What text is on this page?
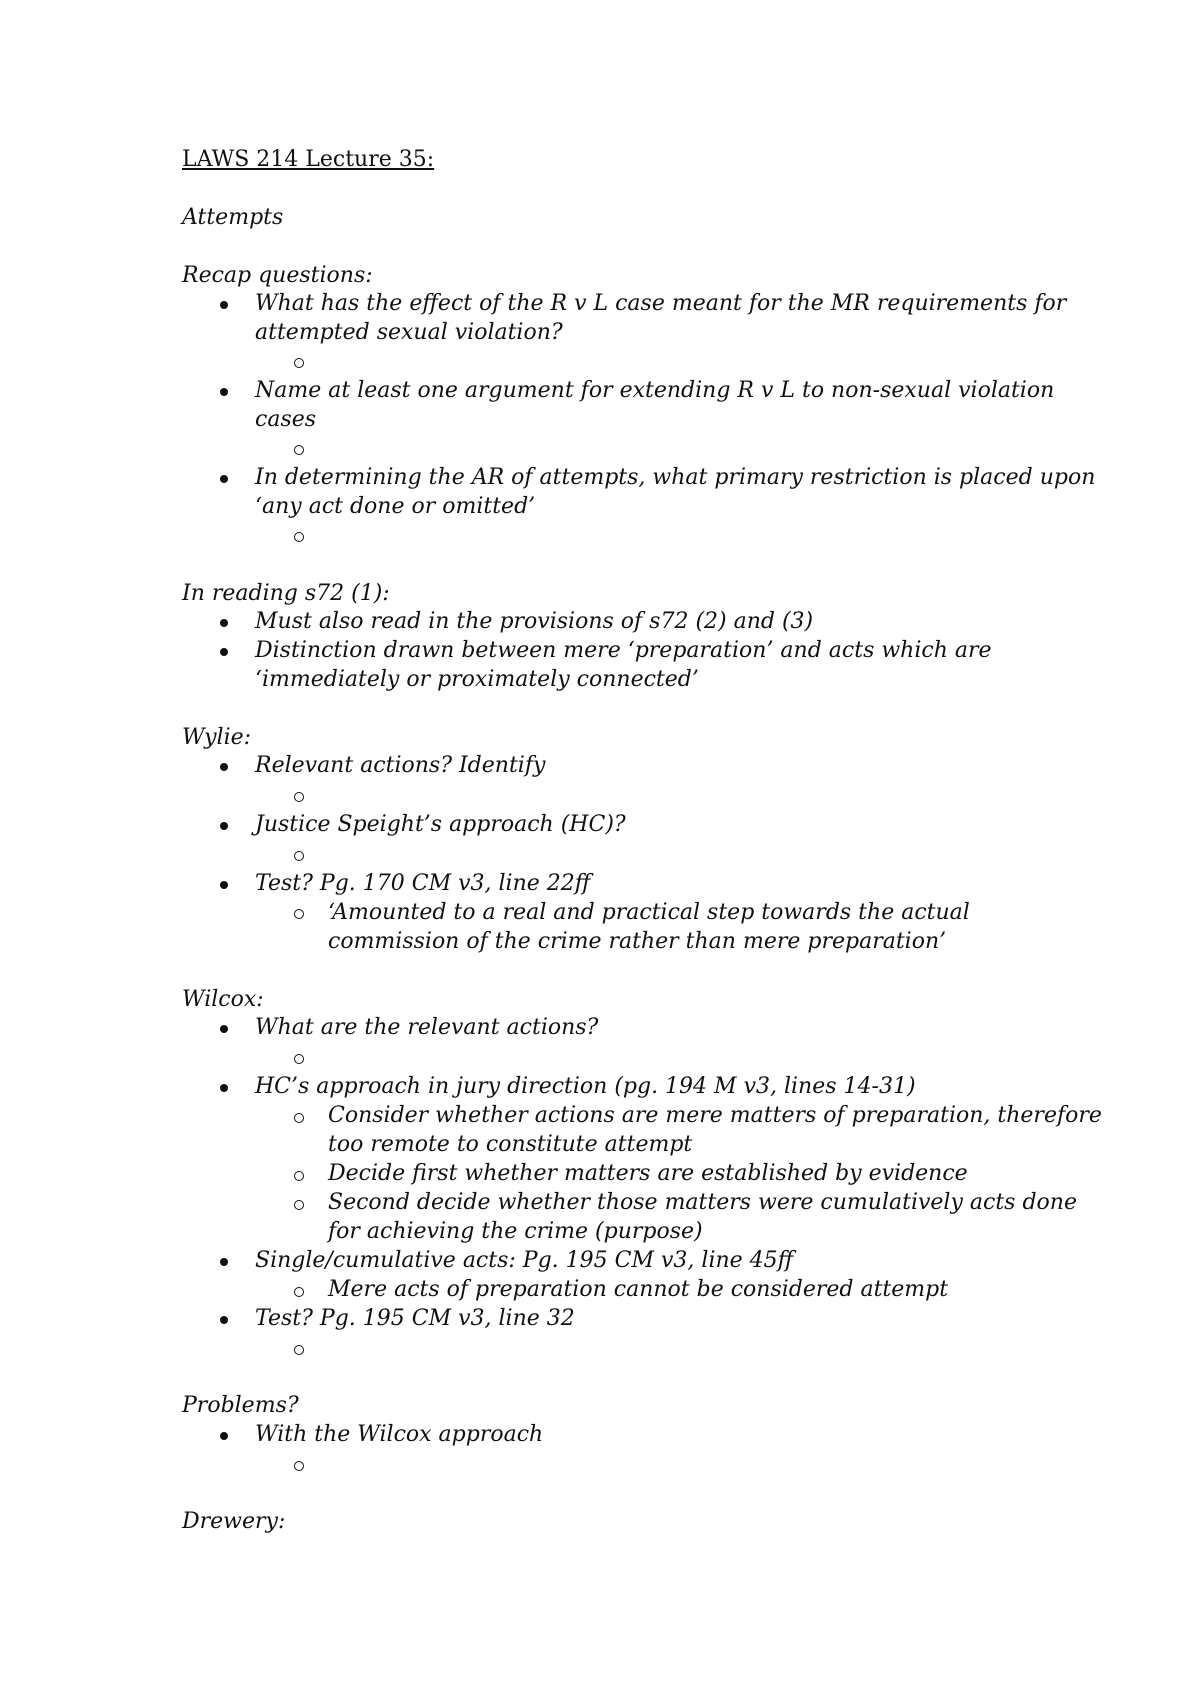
LAWS 214 Lecture 35:
Attempts
Recap questions:
What has the effect of the R v L case meant for the MR requirements for
attempted sexual violation?
Name at least one argument for extending R v L to non-sexual violation
cases
In determining the AR of attempts, what primary restriction is placed upon
‘any act done or omitted’
In reading s72 (1):
Must also read in the provisions of s72 (2) and (3)
Distinction drawn between mere ‘preparation’ and acts which are
‘immediately or proximately connected’
Wylie:
Relevant actions? Identify
Justice Speight’s approach (HC)?
Test? Pg. 170 CM v3, line 22ff
‘Amounted to a real and practical step towards the actual
commission of the crime rather than mere preparation’
Wilcox:
What are the relevant actions?
HC’s approach in jury direction (pg. 194 M v3, lines 14-31)
Consider whether actions are mere matters of preparation, therefore
too remote to constitute attempt
Decide first whether matters are established by evidence
Second decide whether those matters were cumulatively acts done
for achieving the crime (purpose)
Single/cumulative acts: Pg. 195 CM v3, line 45ff
Mere acts of preparation cannot be considered attempt
Test? Pg. 195 CM v3, line 32
Problems?
With the Wilcox approach
Drewery:
